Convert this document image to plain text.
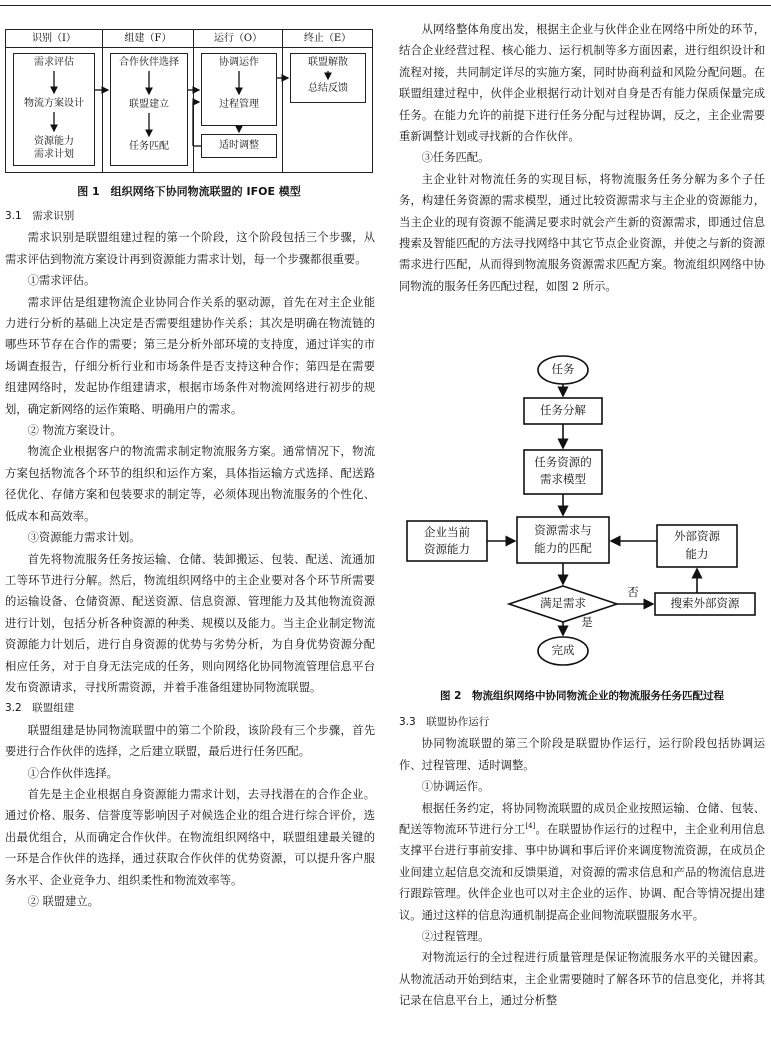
识别（I）	组建（F）	运行（O）	终止（E）
需求评估
物流方案设计
资源能力
需求计划
合作伙伴选择
联盟建立
任务匹配
协调运作
过程管理
适时调整
联盟解散
总结反馈
图 1　组织网络下协同物流联盟的 IFOE 模型

3.1　需求识别

需求识别是联盟组建过程的第一个阶段，这个阶段包括三个步骤，从需求评估到物流方案设计再到资源能力需求计划，每一个步骤都很重要。

①需求评估。

需求评估是组建物流企业协同合作关系的驱动源，首先在对主企业能力进行分析的基础上决定是否需要组建协作关系；其次是明确在物流链的哪些环节存在合作的需要；第三是分析外部环境的支持度，通过详实的市场调查报告，仔细分析行业和市场条件是否支持这种合作；第四是在需要组建网络时，发起协作组建请求，根据市场条件对物流网络进行初步的规划，确定新网络的运作策略、明确用户的需求。

② 物流方案设计。

物流企业根据客户的物流需求制定物流服务方案。通常情况下，物流方案包括物流各个环节的组织和运作方案，具体指运输方式选择、配送路径优化、存储方案和包装要求的制定等，必须体现出物流服务的个性化、低成本和高效率。

③资源能力需求计划。

首先将物流服务任务按运输、仓储、装卸搬运、包装、配送、流通加工等环节进行分解。然后，物流组织网络中的主企业要对各个环节所需要的运输设备、仓储资源、配送资源、信息资源、管理能力及其他物流资源进行计划，包括分析各种资源的种类、规模以及能力。当主企业制定物流资源能力计划后，进行自身资源的优势与劣势分析，为自身优势资源分配相应任务，对于自身无法完成的任务，则向网络化协同物流管理信息平台发布资源请求，寻找所需资源，并着手准备组建协同物流联盟。

3.2　联盟组建

联盟组建是协同物流联盟中的第二个阶段，该阶段有三个步骤，首先要进行合作伙伴的选择，之后建立联盟，最后进行任务匹配。

①合作伙伴选择。

首先是主企业根据自身资源能力需求计划，去寻找潜在的合作企业。通过价格、服务、信誉度等影响因子对候选企业的组合进行综合评价，选出最优组合，从而确定合作伙伴。在物流组织网络中，联盟组建最关键的一环是合作伙伴的选择，通过获取合作伙伴的优势资源，可以提升客户服务水平、企业竞争力、组织柔性和物流效率等。

② 联盟建立。

从网络整体角度出发，根据主企业与伙伴企业在网络中所处的环节，结合企业经营过程、核心能力、运行机制等多方面因素，进行组织设计和流程对接，共同制定详尽的实施方案，同时协商利益和风险分配问题。在联盟组建过程中，伙伴企业根据行动计划对自身是否有能力保质保量完成任务。在能力允许的前提下进行任务分配与过程协调，反之，主企业需要重新调整计划或寻找新的合作伙伴。

③任务匹配。

主企业针对物流任务的实现目标，将物流服务任务分解为多个子任务，构建任务资源的需求模型，通过比较资源需求与主企业的资源能力，当主企业的现有资源不能满足要求时就会产生新的资源需求，即通过信息搜索及智能匹配的方法寻找网络中其它节点企业资源，并使之与新的资源需求进行匹配，从而得到物流服务资源需求匹配方案。物流组织网络中协同物流的服务任务匹配过程，如图 2 所示。

任务
任务分解
任务资源的
需求模型
企业当前
资源能力
资源需求与
能力的匹配
外部资源
能力
满足需求
否
是
搜索外部资源
完成
图 2　物流组织网络中协同物流企业的物流服务任务匹配过程

3.3　联盟协作运行

协同物流联盟的第三个阶段是联盟协作运行，运行阶段包括协调运作、过程管理、适时调整。

①协调运作。

根据任务约定，将协同物流联盟的成员企业按照运输、仓储、包装、配送等物流环节进行分工[4]。在联盟协作运行的过程中，主企业利用信息支撑平台进行事前安排、事中协调和事后评价来调度物流资源，在成员企业间建立起信息交流和反馈渠道，对资源的需求信息和产品的物流信息进行跟踪管理。伙伴企业也可以对主企业的运作、协调、配合等情况提出建议。通过这样的信息沟通机制提高企业间物流联盟服务水平。

②过程管理。

对物流运行的全过程进行质量管理是保证物流服务水平的关键因素。从物流活动开始到结束，主企业需要随时了解各环节的信息变化，并将其记录在信息平台上，通过分析整
